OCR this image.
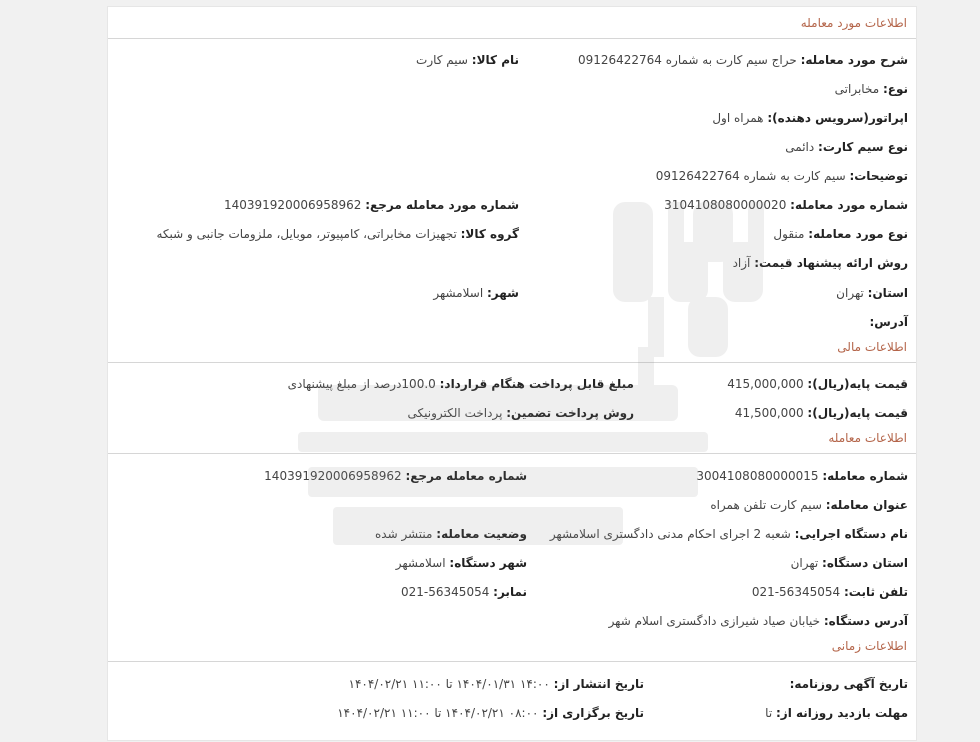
اطلاعات مورد معامله
شرح مورد معامله: حراج سیم کارت به شماره 09126422764
نام کالا: سیم کارت
نوع: مخابراتی
اپراتور(سرویس دهنده): همراه اول
نوع سیم کارت: دائمی
توضیحات: سیم کارت به شماره 09126422764
شماره مورد معامله: 3104108080000020
شماره مورد معامله مرجع: 140391920006958962
نوع مورد معامله: منقول
گروه کالا: تجهیزات مخابراتی، کامپیوتر، موبایل، ملزومات جانبی و شبکه
روش ارائه پیشنهاد قیمت: آزاد
استان: تهران
شهر: اسلامشهر
آدرس:
اطلاعات مالی
قیمت پایه(ریال): 415,000,000
مبلغ قابل پرداخت هنگام قرارداد: 100.0درصد از مبلغ پیشنهادی
قیمت پایه(ریال): 41,500,000
روش پرداخت تضمین: پرداخت الکترونیکی
اطلاعات معامله
شماره معامله: 3004108080000015
شماره معامله مرجع: 140391920006958962
عنوان معامله: سیم کارت تلفن همراه
نام دستگاه اجرایی: شعبه 2 اجرای احکام مدنی دادگستری اسلامشهر
وضعیت معامله: منتشر شده
استان دستگاه: تهران
شهر دستگاه: اسلامشهر
تلفن ثابت: 021-56345054
نمابر: 021-56345054
آدرس دستگاه: خیابان صیاد شیرازی دادگستری اسلام شهر
اطلاعات زمانی
تاریخ آگهی روزنامه:
تاریخ انتشار از: ۱۴:۰۰ ۱۴۰۴/۰۱/۳۱ تا ۱۱:۰۰ ۱۴۰۴/۰۲/۲۱
مهلت بازدید روزانه از: تا
تاریخ برگزاری از: ۰۸:۰۰ ۱۴۰۴/۰۲/۲۱ تا ۱۱:۰۰ ۱۴۰۴/۰۲/۲۱
